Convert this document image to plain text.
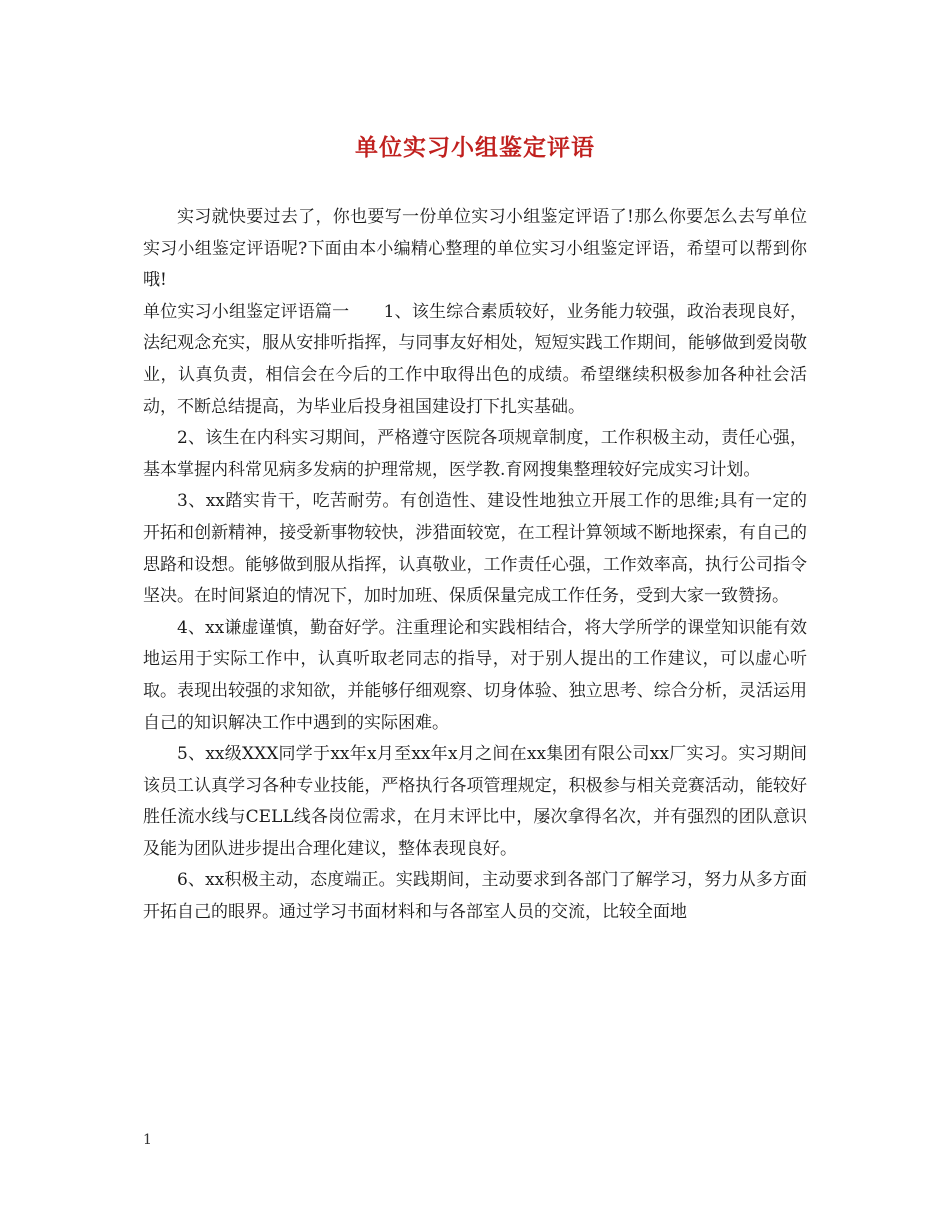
单位实习小组鉴定评语

实习就快要过去了，你也要写一份单位实习小组鉴定评语了!那么你要怎么去写单位实习小组鉴定评语呢?下面由本小编精心整理的单位实习小组鉴定评语，希望可以帮到你哦!

单位实习小组鉴定评语篇一　　1、该生综合素质较好，业务能力较强，政治表现良好，法纪观念充实，服从安排听指挥，与同事友好相处，短短实践工作期间，能够做到爱岗敬业，认真负责，相信会在今后的工作中取得出色的成绩。希望继续积极参加各种社会活动，不断总结提高，为毕业后投身祖国建设打下扎实基础。

2、该生在内科实习期间，严格遵守医院各项规章制度，工作积极主动，责任心强，基本掌握内科常见病多发病的护理常规，医学教.育网搜集整理较好完成实习计划。

3、xx踏实肯干，吃苦耐劳。有创造性、建设性地独立开展工作的思维;具有一定的开拓和创新精神，接受新事物较快，涉猎面较宽，在工程计算领域不断地探索，有自己的思路和设想。能够做到服从指挥，认真敬业，工作责任心强，工作效率高，执行公司指令坚决。在时间紧迫的情况下，加时加班、保质保量完成工作任务，受到大家一致赞扬。

4、xx谦虚谨慎，勤奋好学。注重理论和实践相结合，将大学所学的课堂知识能有效地运用于实际工作中，认真听取老同志的指导，对于别人提出的工作建议，可以虚心听取。表现出较强的求知欲，并能够仔细观察、切身体验、独立思考、综合分析，灵活运用自己的知识解决工作中遇到的实际困难。

5、xx级XXX同学于xx年x月至xx年x月之间在xx集团有限公司xx厂实习。实习期间该员工认真学习各种专业技能，严格执行各项管理规定，积极参与相关竞赛活动，能较好胜任流水线与CELL线各岗位需求，在月末评比中，屡次拿得名次，并有强烈的团队意识及能为团队进步提出合理化建议，整体表现良好。

6、xx积极主动，态度端正。实践期间，主动要求到各部门了解学习，努力从多方面开拓自己的眼界。通过学习书面材料和与各部室人员的交流，比较全面地

1
